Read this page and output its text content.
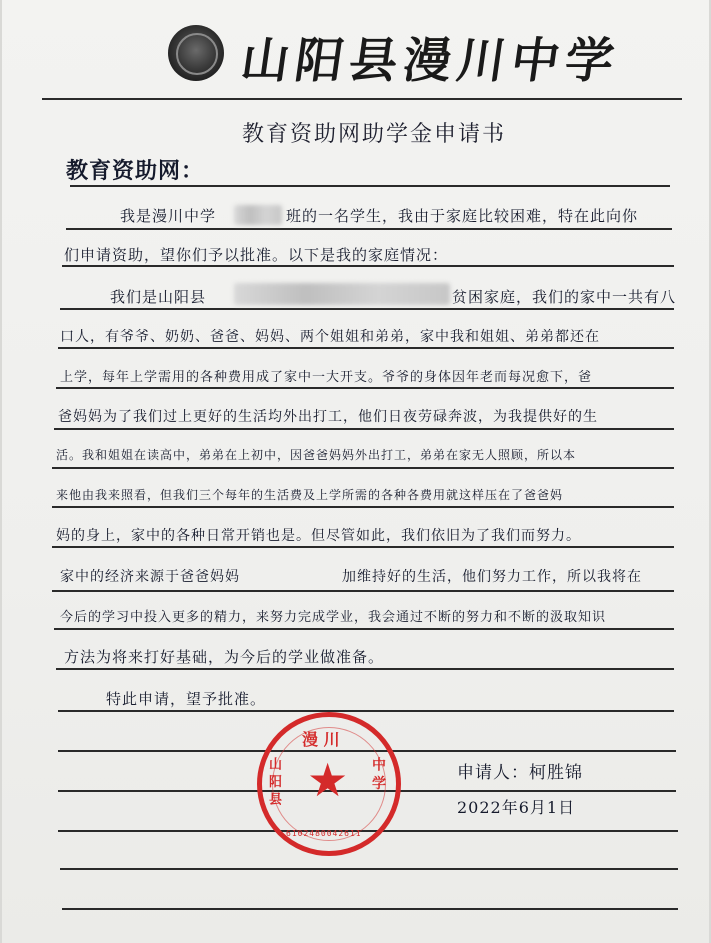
山阳县漫川中学
教育资助网助学金申请书
教育资助网：
我是漫川中学	班的一名学生，我由于家庭比较困难，特在此向你
们申请资助，望你们予以批准。以下是我的家庭情况：
我们是山阳县	贫困家庭，我们的家中一共有八
口人，有爷爷、奶奶、爸爸、妈妈、两个姐姐和弟弟，家中我和姐姐、弟弟都还在
上学，每年上学需用的各种费用成了家中一大开支。爷爷的身体因年老而每况愈下，爸
爸妈妈为了我们过上更好的生活均外出打工，他们日夜劳碌奔波，为我提供好的生
活。我和姐姐在读高中，弟弟在上初中，因爸爸妈妈外出打工，弟弟在家无人照顾，所以本
来他由我来照看，但我们三个每年的生活费及上学所需的各种各费用就这样压在了爸爸妈
妈的身上，家中的各种日常开销也是。但尽管如此，我们依旧为了我们而努力。
家中的经济来源于爸爸妈妈	加维持好的生活，他们努力工作，所以我将在
今后的学习中投入更多的精力，来努力完成学业，我会通过不断的努力和不断的汲取知识
方法为将来打好基础，为今后的学业做准备。
特此申请，望予批准。
★
漫 川
山 阳 县	中 学
6102480042611
申请人：柯胜锦
2022年6月1日
